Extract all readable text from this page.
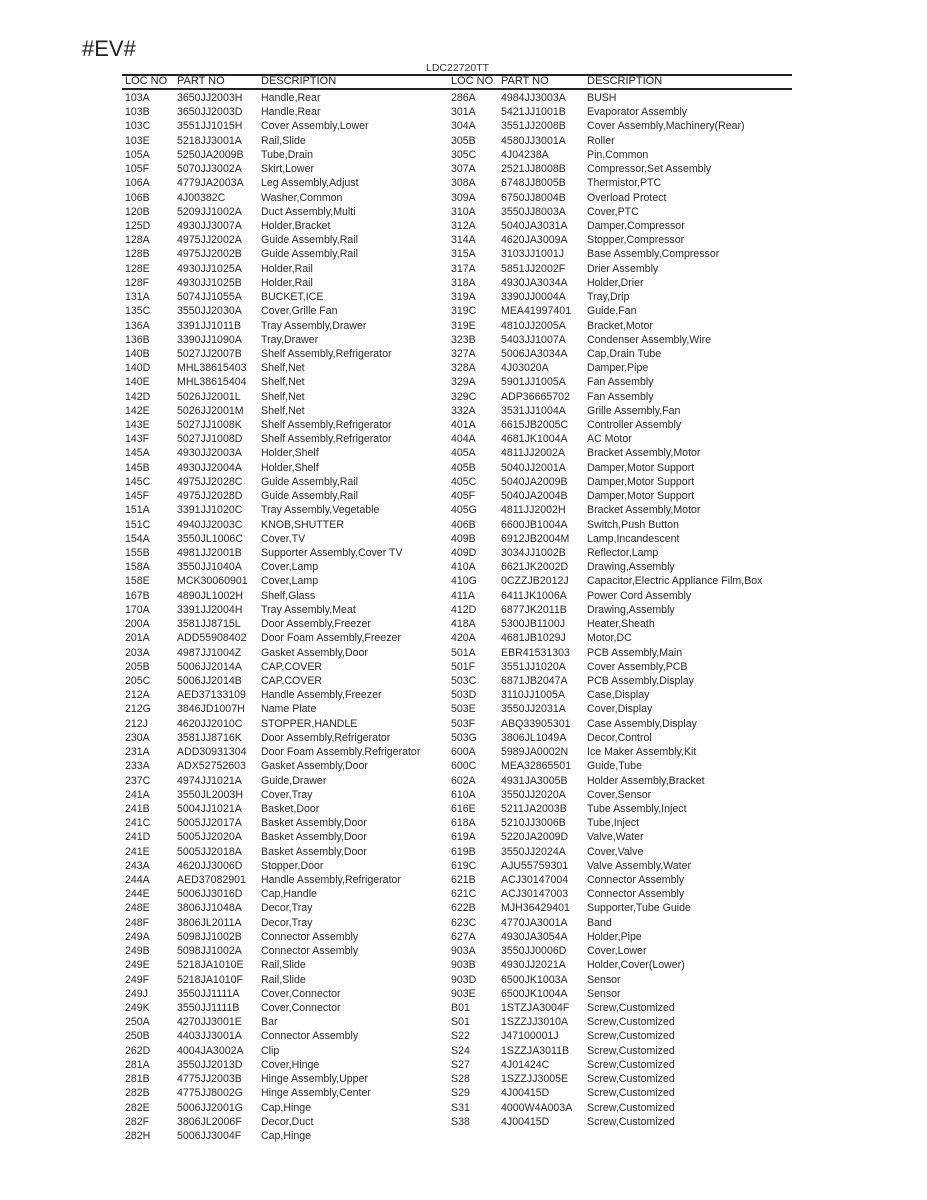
#EV#
LDC22720TT
LOC NO PART NO	DESCRIPTION	LOC NO PART NO	DESCRIPTION
103A	3650JJ2003H Handle,Rear
103B	3650JJ2003D Handle,Rear
103C	3551JJ1015H Cover Assembly,Lower
103E	5218JJ3001A Rail,Slide
105A	5250JA2009B Tube,Drain
105F	5070JJ3002A Skirt,Lower
106A	4779JA2003A Leg Assembly,Adjust
106B	4J00382C	Washer,Common
120B	5209JJ1002A Duct Assembly,Multi
125D	4930JJ3007A Holder,Bracket
128A	4975JJ2002A Guide Assembly,Rail
128B	4975JJ2002B Guide Assembly,Rail
128E	4930JJ1025A Holder,Rail
128F	4930JJ1025B Holder,Rail
131A	5074JJ1055A BUCKET,ICE
135C	3550JJ2030A Cover,Grille Fan
136A	3391JJ1011B Tray Assembly,Drawer
136B	3390JJ1090A Tray,Drawer
140B	5027JJ2007B Shelf Assembly,Refrigerator
140D	MHL38615403 Shelf,Net
140E	MHL38615404 Shelf,Net
142D	5026JJ2001L Shelf,Net
142E	5026JJ2001M Shelf,Net
143E	5027JJ1008K Shelf Assembly,Refrigerator
143F	5027JJ1008D Shelf Assembly,Refrigerator
145A	4930JJ2003A Holder,Shelf
145B	4930JJ2004A Holder,Shelf
145C	4975JJ2028C Guide Assembly,Rail
145F	4975JJ2028D Guide Assembly,Rail
151A	3391JJ1020C Tray Assembly,Vegetable
151C	4940JJ2003C KNOB,SHUTTER
154A	3550JL1006C Cover,TV
155B	4981JJ2001B Supporter Assembly,Cover TV
158A	3550JJ1040A Cover,Lamp
158E	MCK30060901 Cover,Lamp
167B	4890JL1002H Shelf,Glass
170A	3391JJ2004H Tray Assembly,Meat
200A	3581JJ8715L Door Assembly,Freezer
201A	ADD55908402 Door Foam Assembly,Freezer
203A	4987JJ1004Z Gasket Assembly,Door
205B	5006JJ2014A CAP,COVER
205C	5006JJ2014B CAP,COVER
212A	AED37133109 Handle Assembly,Freezer
212G 3846JD1007H Name Plate
212J	4620JJ2010C STOPPER,HANDLE
230A	3581JJ8716K Door Assembly,Refrigerator
231A	ADD30931304 Door Foam Assembly,Refrigerator
233A	ADX52752603 Gasket Assembly,Door
237C	4974JJ1021A Guide,Drawer
241A	3550JL2003H Cover,Tray
241B	5004JJ1021A Basket,Door
241C	5005JJ2017A Basket Assembly,Door
241D	5005JJ2020A Basket Assembly,Door
241E	5005JJ2018A Basket Assembly,Door
243A	4620JJ3006D Stopper,Door
244A	AED37082901 Handle Assembly,Refrigerator
244E	5006JJ3016D Cap,Handle
248E	3806JJ1048A Decor,Tray
248F	3806JL2011A Decor,Tray
249A	5098JJ1002B Connector Assembly
249B	5098JJ1002A Connector Assembly
249E	5218JA1010E Rail,Slide
249F	5218JA1010F Rail,Slide
249J	3550JJ1111A Cover,Connector
249K	3550JJ1111B Cover,Connector
250A	4270JJ3001E Bar
250B	4403JJ3001A Connector Assembly
262D	4004JA3002A Clip
281A	3550JJ2013D Cover,Hinge
281B	4775JJ2003B Hinge Assembly,Upper
282B	4775JJ8002G Hinge Assembly,Center
282E	5006JJ2001G Cap,Hinge
282F	3806JL2006F Decor,Duct
282H	5006JJ3004F Cap,Hinge
286A 4984JJ3003A BUSH
301A 5421JJ1001B Evaporator Assembly
304A 3551JJ2008B Cover Assembly,Machinery(Rear)
305B 4580JJ3001A Roller
305C 4J04238A	Pin,Common
307A 2521JJ8008B Compressor,Set Assembly
308A 6748JJ8005B Thermistor,PTC
309A 6750JJ8004B Overload Protect
310A 3550JJ8003A Cover,PTC
312A 5040JA3031A Damper,Compressor
314A 4620JA3009A Stopper,Compressor
315A 3103JJ1001J Base Assembly,Compressor
317A 5851JJ2002F Drier Assembly
318A 4930JA3034A Holder,Drier
319A 3390JJ0004A Tray,Drip
319C MEA41997401 Guide,Fan
319E 4810JJ2005A Bracket,Motor
323B 5403JJ1007A Condenser Assembly,Wire
327A 5006JA3034A Cap,Drain Tube
328A 4J03020A	Damper,Pipe
329A 5901JJ1005A Fan Assembly
329C ADP36665702 Fan Assembly
332A 3531JJ1004A Grille Assembly,Fan
401A 6615JB2005C Controller Assembly
404A 4681JK1004A AC Motor
405A 4811JJ2002A Bracket Assembly,Motor
405B 5040JJ2001A Damper,Motor Support
405C 5040JA2009B Damper,Motor Support
405F 5040JA2004B Damper,Motor Support
405G 4811JJ2002H Bracket Assembly,Motor
406B 6600JB1004A Switch,Push Button
409B 6912JB2004M Lamp,Incandescent
409D 3034JJ1002B Reflector,Lamp
410A 6621JK2002D Drawing,Assembly
410G 0CZZJB2012J Capacitor,Electric Appliance Film,Box
411A 6411JK1006A Power Cord Assembly
412D 6877JK2011B Drawing,Assembly
418A 5300JB1100J Heater,Sheath
420A 4681JB1029J Motor,DC
501A EBR41531303 PCB Assembly,Main
501F 3551JJ1020A Cover Assembly,PCB
503C 6871JB2047A PCB Assembly,Display
503D 3110JJ1005A Case,Display
503E 3550JJ2031A Cover,Display
503F ABQ33905301 Case Assembly,Display
503G 3806JL1049A Decor,Control
600A 5989JA0002N Ice Maker Assembly,Kit
600C MEA32865501 Guide,Tube
602A 4931JA3005B Holder Assembly,Bracket
610A 3550JJ2020A Cover,Sensor
616E 5211JA2003B Tube Assembly,Inject
618A 5210JJ3006B Tube,Inject
619A 5220JA2009D Valve,Water
619B 3550JJ2024A Cover,Valve
619C AJU55759301 Valve Assembly,Water
621B ACJ30147004 Connector Assembly
621C ACJ30147003 Connector Assembly
622B MJH36429401 Supporter,Tube Guide
623C 4770JA3001A Band
627A 4930JA3054A Holder,Pipe
903A 3550JJ0006D Cover,Lower
903B 4930JJ2021A Holder,Cover(Lower)
903D 6500JK1003A Sensor
903E 6500JK1004A Sensor
B01	1STZJA3004F Screw,Customized
S01	1SZZJJ3010A Screw,Customized
S22	J47100001J	Screw,Customized
S24	1SZZJA3011B Screw,Customized
S27	4J01424C	Screw,Customized
S28	1SZZJJ3005E Screw,Customized
S29	4J00415D	Screw,Customized
S31	4000W4A003A Screw,Customized
S38	4J00415D	Screw,Customized
